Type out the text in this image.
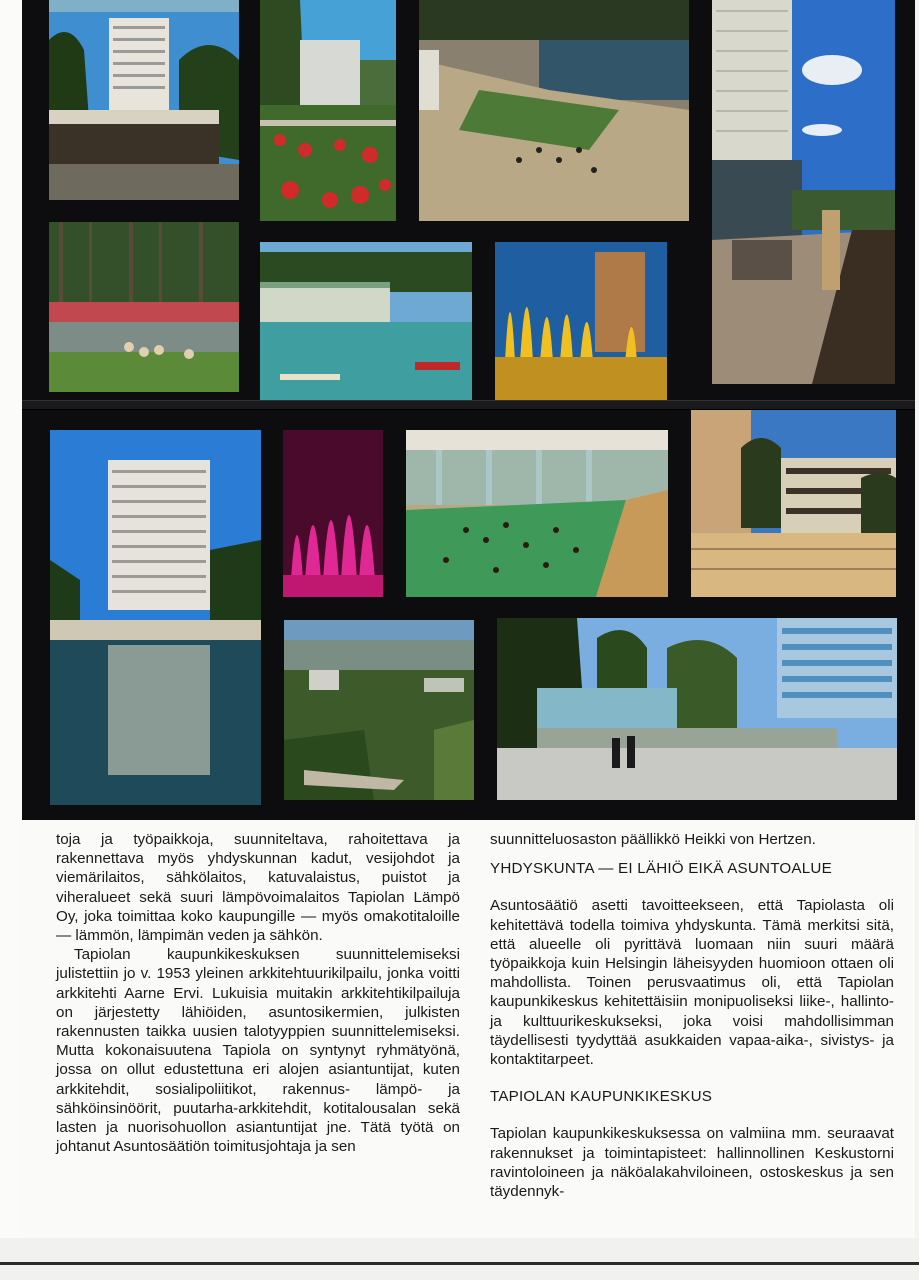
toja ja työpaikkoja, suunniteltava, rahoitettava ja rakennettava myös yhdyskunnan kadut, vesijohdot ja viemärilaitos, sähkölaitos, katuvalaistus, puistot ja viheralueet sekä suuri lämpövoimalaitos Tapiolan Lämpö Oy, joka toimittaa koko kaupungille — myös omakotitaloille — lämmön, lämpimän veden ja sähkön.

Tapiolan kaupunkikeskuksen suunnittelemiseksi julistettiin jo v. 1953 yleinen arkkitehtuurikilpailu, jonka voitti arkkitehti Aarne Ervi. Lukuisia muitakin arkkitehtikilpailuja on järjestetty lähiöiden, asuntosikermien, julkisten rakennusten taikka uusien talotyyppien suunnittelemiseksi. Mutta kokonaisuutena Tapiola on syntynyt ryhmätyönä, jossa on ollut edustettuna eri alojen asiantuntijat, kuten arkkitehdit, sosialipoliitikot, rakennus- lämpö- ja sähköinsinöörit, puutarha-arkkitehdit, kotitalousalan sekä lasten ja nuorisohuollon asiantuntijat jne. Tätä työtä on johtanut Asuntosäätiön toimitusjohtaja ja sen

suunnitteluosaston päällikkö Heikki von Hertzen.

YHDYSKUNTA — EI LÄHIÖ EIKÄ ASUNTOALUE

Asuntosäätiö asetti tavoitteekseen, että Tapiolasta oli kehitettävä todella toimiva yhdyskunta. Tämä merkitsi sitä, että alueelle oli pyrittävä luomaan niin suuri määrä työpaikkoja kuin Helsingin läheisyyden huomioon ottaen oli mahdollista. Toinen perusvaatimus oli, että Tapiolan kaupunkikeskus kehitettäisiin monipuoliseksi liike-, hallinto- ja kulttuurikeskukseksi, joka voisi mahdollisimman täydellisesti tyydyttää asukkaiden vapaa-aika-, sivistys- ja kontaktitarpeet.

TAPIOLAN KAUPUNKIKESKUS

Tapiolan kaupunkikeskuksessa on valmiina mm. seuraavat rakennukset ja toimintapisteet: hallinnollinen Keskustorni ravintoloineen ja näköalakahviloineen, ostoskeskus ja sen täydennyk-
